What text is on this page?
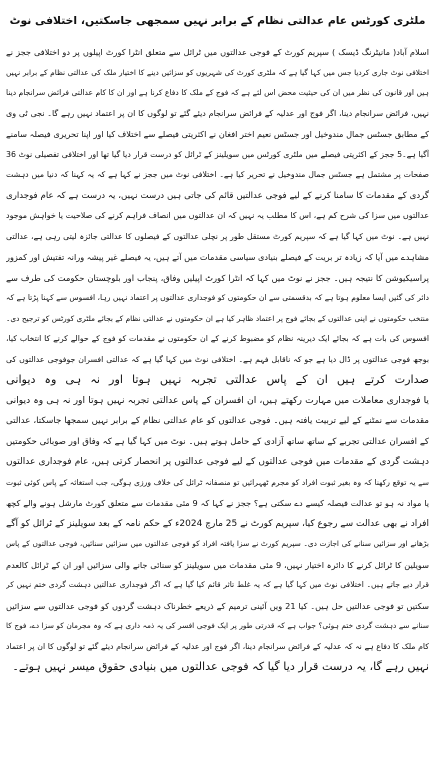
ملٹری کورٹس عام عدالتی نظام کے برابر نہیں سمجھی جاسکتیں، اختلافی نوٹ
اسلام آباد( مانیٹرنگ ڈیسک ) سپریم کورٹ کے فوجی عدالتوں میں ٹرائل سے متعلق انٹرا کورٹ اپیلوں پر دو اختلافی ججز نے
اختلافی نوٹ جاری کردیا جس میں کہا گیا ہے کہ ملٹری کورٹ کی شہریوں کو سزائیں دینے کا اختیار ملک کی عدالتی نظام کے برابر نہیں
ہیں اور قانون کی نظر میں ان کی حیثیت محض اس لئے ہے کہ فوج کے ملک کا دفاع کرنا ہے اور ان کا کام عدالتی فرائض سرانجام دینا
نہیں، فرائض سرانجام دینا، اگر فوج اور عدلیہ کے فرائض سرانجام دیئے گئے تو لوگوں کا ان پر اعتماد نہیں رہے گا۔ نجی ٹی وی
کے مطابق جسٹس جمال مندوخیل اور جسٹس نعیم اختر افغان نے اکثریتی فیصلے سے اختلاف کیا اور اپنا تحریری فیصلہ سامنے
آگیا ہے۔5 ججز کے اکثریتی فیصلے میں ملٹری کورٹس میں سویلینز کے ٹرائل کو درست قرار دیا گیا تھا اور اختلافی تفصیلی نوٹ 36
صفحات پر مشتمل ہے جسٹس جمال مندوخیل نے تحریر کیا ہے۔ اختلافی نوٹ میں ججز نے کہا ہے کہ یہ کہنا کہ دنیا میں دہشت
گردی کے مقدمات کا سامنا کرنے کے لیے فوجی عدالتیں قائم کی جاتی ہیں درست نہیں، یہ درست ہے کہ عام فوجداری
عدالتوں میں سزا کی شرح کم ہے، اس کا مطلب یہ نہیں کہ ان عدالتوں میں انصاف فراہم کرنے کی صلاحیت یا خواہش موجود
نہیں ہے۔ نوٹ میں کہا گیا ہے کہ سپریم کورٹ مستقل طور پر نچلی عدالتوں کے فیصلوں کا عدالتی جائزہ لیتی رہی ہے، عدالتی
مشاہدے میں آیا کہ زیادہ تر بریت کے فیصلے بنیادی سیاسی مقدمات میں آتے ہیں، یہ فیصلے غیر پیشہ ورانہ تفتیش اور کمزور
پراسیکیوشن کا نتیجہ ہیں۔ ججز نے نوٹ میں کہا کہ انٹرا کورٹ اپیلیں وفاق، پنجاب اور بلوچستان حکومت کی طرف سے
دائر کی گئیں ایسا معلوم ہوتا ہے کہ بدقسمتی سے ان حکومتوں کو فوجداری عدالتوں پر اعتماد نہیں رہا، افسوس سے کہنا پڑتا ہے کہ
منتخب حکومتوں نے اپنی عدالتوں کے بجائے فوج پر اعتماد ظاہر کیا ہے ان حکومتوں نے عدالتی نظام کے بجائے ملٹری کورٹس کو ترجیح دی۔
افسوس کی بات ہے کہ بجائے ایک دیرینہ نظام کو مضبوط کرنے کے ان حکومتوں نے مقدمات کو فوج کے حوالے کرنے کا انتخاب کیا،
بوجھ فوجی عدالتوں پر ڈال دیا ہے جو کہ ناقابل فہم ہے۔ اختلافی نوٹ میں کہا گیا ہے کہ عدالتی افسران جوفوجی عدالتوں کی
صدارت کرتے ہیں ان کے پاس عدالتی تجربہ نہیں ہوتا اور نہ ہی وہ دیوانی
یا فوجداری معاملات میں مہارت رکھتے ہیں، ان افسران کے پاس عدالتی تجربہ نہیں ہوتا اور نہ ہی وہ دیوانی
مقدمات سے نمٹنے کے لیے تربیت یافتہ ہیں۔ فوجی عدالتوں کو عام عدالتی نظام کے برابر نہیں سمجھا جاسکتا، عدالتی
کے افسران عدالتی تجربے کے ساتھ ساتھ آزادی کے حامل ہوتے ہیں۔ نوٹ میں کہا گیا ہے کہ وفاق اور صوبائی حکومتیں
دہشت گردی کے مقدمات میں فوجی عدالتوں کے لیے فوجی عدالتوں پر انحصار کرتی ہیں، عام فوجداری عدالتوں
سے یہ توقع رکھنا کہ وہ بغیر ثبوت افراد کو مجرم ٹھہرائیں تو منصفانہ ٹرائل کی خلاف ورزی ہوگی، جب استغاثہ کے پاس کوئی ثبوت
یا مواد نہ ہو تو عدالت فیصلہ کیسے دے سکتی ہے؟ ججز نے کہا کہ 9 مئی مقدمات سے متعلق کورٹ مارشل ہونے والے کچھ
افراد نے بھی عدالت سے رجوع کیا، سپریم کورٹ نے 25 مارچ 2024ء کے حکم نامہ کے بعد سویلینز کے ٹرائل کو آگے
بڑھانے اور سزائیں سنانے کی اجازت دی۔ سپریم کورٹ نے سزا یافتہ افراد کو فوجی عدالتوں میں سزائیں سنائیں، فوجی عدالتوں کے پاس
سویلین کا ٹرائل کرنے کا دائرہ اختیار نہیں، 9 مئی مقدمات میں سویلینز کو سنائی جانے والی سزائیں اور ان کے ٹرائل کالعدم
قرار دیے جاتے ہیں۔ اختلافی نوٹ میں کہا گیا ہے کہ یہ غلط تاثر قائم کیا گیا ہے کہ اگر فوجداری عدالتیں دہشت گردی ختم نہیں کر
سکتیں تو فوجی عدالتیں حل ہیں۔ کیا 21 ویں آئینی ترمیم کے ذریعے خطرناک دہشت گردوں کو فوجی عدالتوں سے سزائیں
سنانے سے دہشت گردی ختم ہوئی؟ جواب ہے کہ قدرتی طور پر ایک فوجی افسر کی یہ ذمہ داری ہے کہ وہ مجرمان کو سزا دے، فوج کا
کام ملک کا دفاع ہے نہ کہ عدلیہ کے فرائض سرانجام دینا، اگر فوج اور عدلیہ کے فرائض سرانجام دیئے گئے تو لوگوں کا ان پر اعتماد
نہیں رہے گا، یہ درست قرار دیا گیا کہ فوجی عدالتوں میں بنیادی حقوق میسر نہیں ہوتے۔
